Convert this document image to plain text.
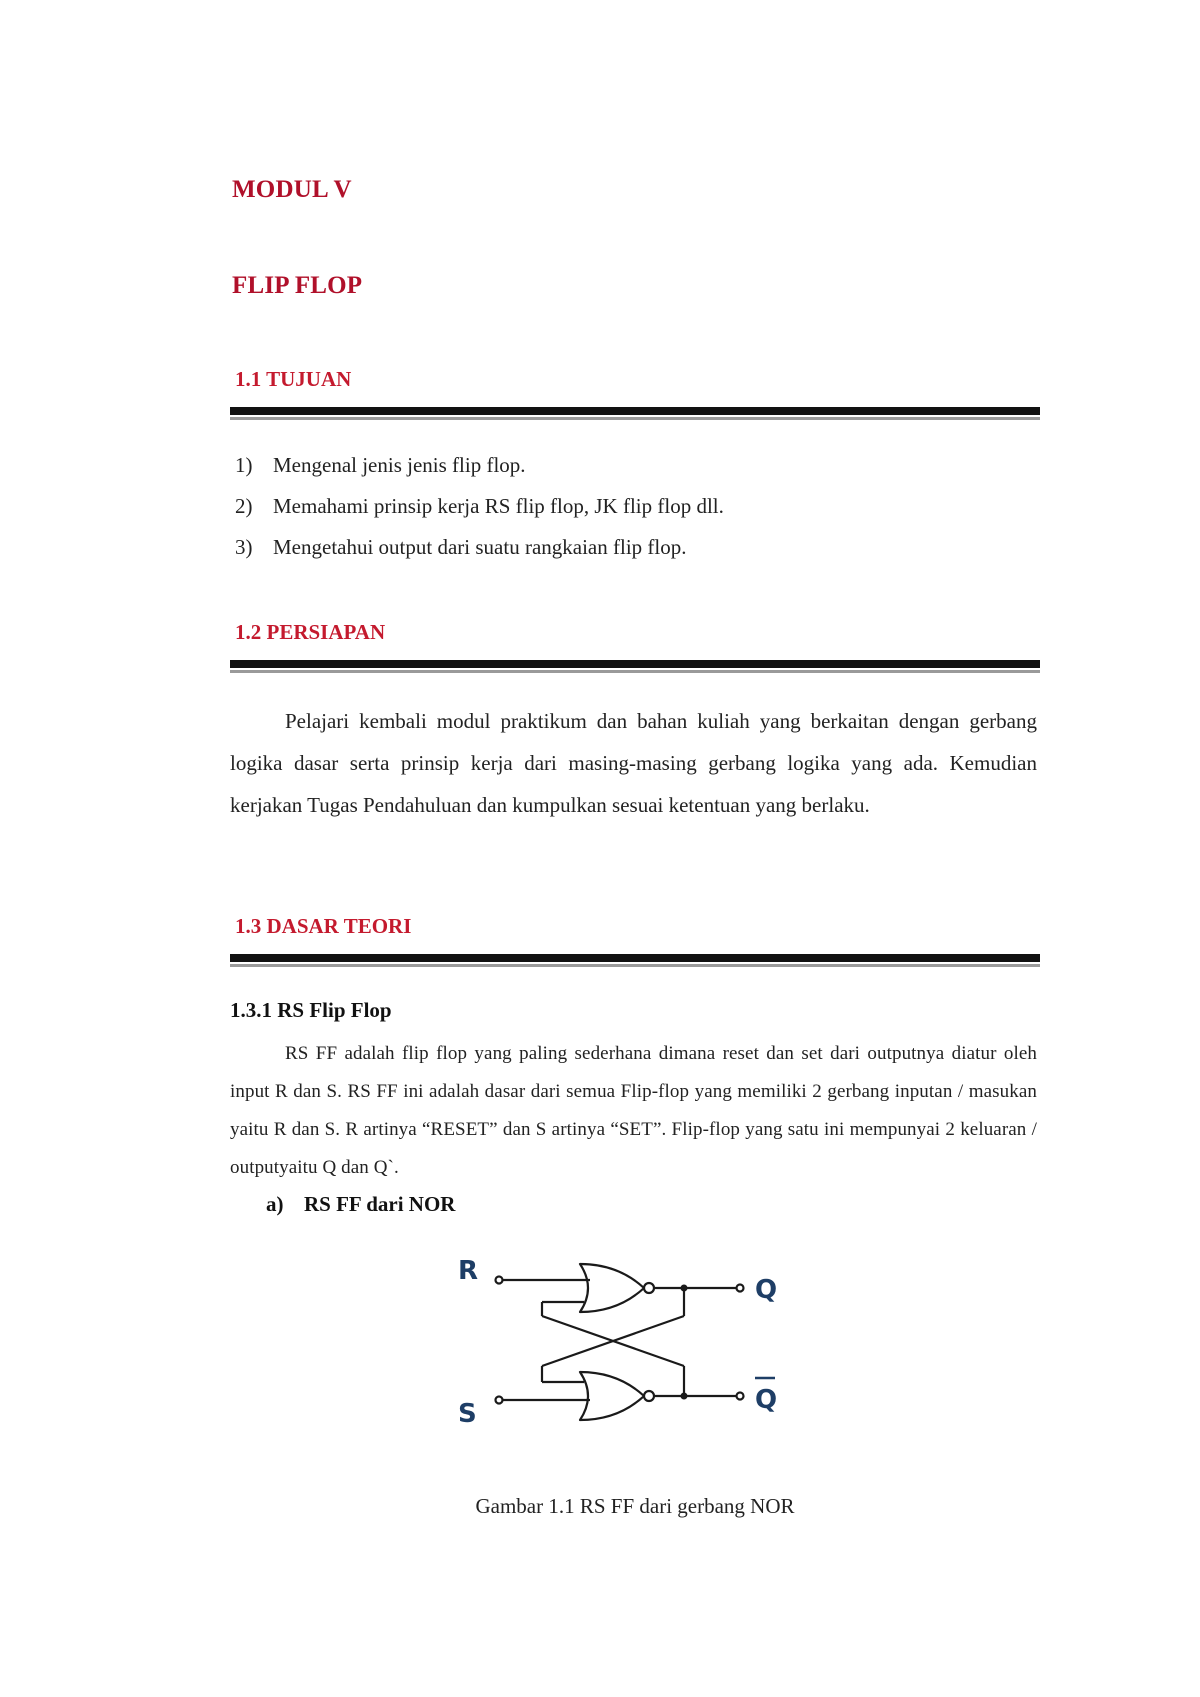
MODUL V
FLIP FLOP
1.1 TUJUAN
1) Mengenal jenis jenis flip flop.
2) Memahami prinsip kerja RS flip flop, JK flip flop dll.
3) Mengetahui output dari suatu rangkaian flip flop.
1.2 PERSIAPAN

Pelajari kembali modul praktikum dan bahan kuliah yang berkaitan dengan gerbang logika dasar serta prinsip kerja dari masing-masing gerbang logika yang ada. Kemudian kerjakan Tugas Pendahuluan dan kumpulkan sesuai ketentuan yang berlaku.

1.3 DASAR TEORI
1.3.1 RS Flip Flop

RS FF adalah flip flop yang paling sederhana dimana reset dan set dari outputnya diatur oleh input R dan S. RS FF ini adalah dasar dari semua Flip-flop yang memiliki 2 gerbang inputan / masukan yaitu R dan S. R artinya “RESET” dan S artinya “SET”. Flip-flop yang satu ini mempunyai 2 keluaran / outputyaitu Q dan Q`.

a) RS FF dari NOR
R
S
Q
Q
Gambar 1.1 RS FF dari gerbang NOR
